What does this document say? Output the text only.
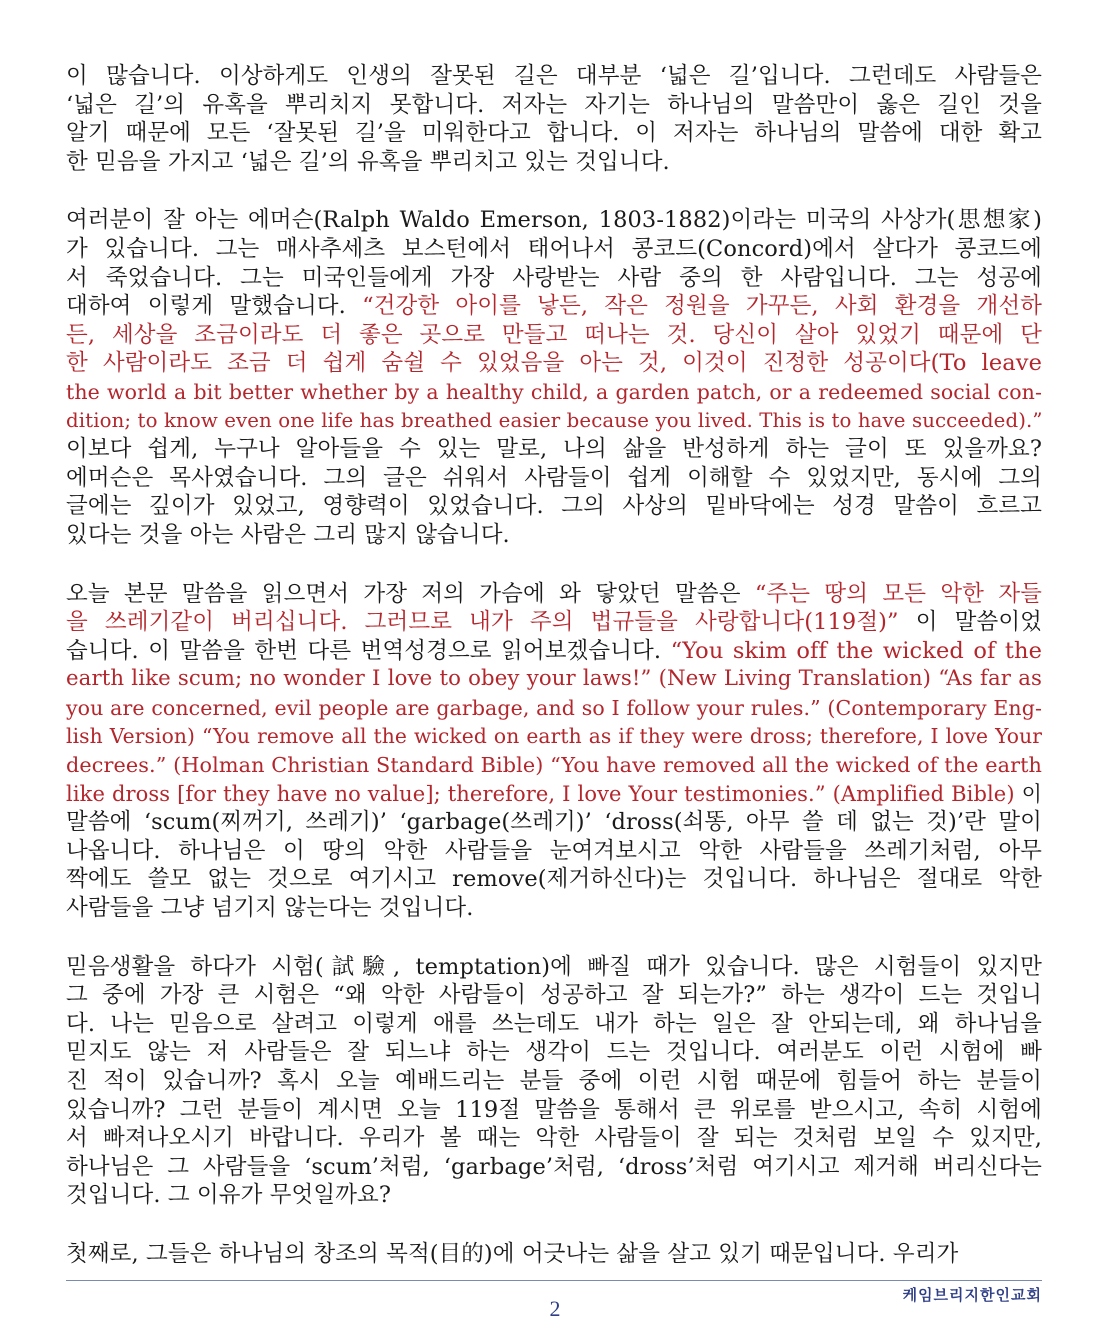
이 많습니다. 이상하게도 인생의 잘못된 길은 대부분 ‘넓은 길’입니다. 그런데도 사람들은
‘넓은 길’의 유혹을 뿌리치지 못합니다. 저자는 자기는 하나님의 말씀만이 옳은 길인 것을
알기 때문에 모든 ‘잘못된 길’을 미워한다고 합니다. 이 저자는 하나님의 말씀에 대한 확고
한 믿음을 가지고 ‘넓은 길’의 유혹을 뿌리치고 있는 것입니다.
여러분이 잘 아는 에머슨(Ralph Waldo Emerson, 1803-1882)이라는 미국의 사상가(思想家)
가 있습니다. 그는 매사추세츠 보스턴에서 태어나서 콩코드(Concord)에서 살다가 콩코드에
서 죽었습니다. 그는 미국인들에게 가장 사랑받는 사람 중의 한 사람입니다. 그는 성공에
대하여 이렇게 말했습니다. “건강한 아이를 낳든, 작은 정원을 가꾸든, 사회 환경을 개선하
든, 세상을 조금이라도 더 좋은 곳으로 만들고 떠나는 것. 당신이 살아 있었기 때문에 단
한 사람이라도 조금 더 쉽게 숨쉴 수 있었음을 아는 것, 이것이 진정한 성공이다(To leave
the world a bit better whether by a healthy child, a garden patch, or a redeemed social con-
dition; to know even one life has breathed easier because you lived. This is to have succeeded).”
이보다 쉽게, 누구나 알아들을 수 있는 말로, 나의 삶을 반성하게 하는 글이 또 있을까요?
에머슨은 목사였습니다. 그의 글은 쉬워서 사람들이 쉽게 이해할 수 있었지만, 동시에 그의
글에는 깊이가 있었고, 영향력이 있었습니다. 그의 사상의 밑바닥에는 성경 말씀이 흐르고
있다는 것을 아는 사람은 그리 많지 않습니다.
오늘 본문 말씀을 읽으면서 가장 저의 가슴에 와 닿았던 말씀은 “주는 땅의 모든 악한 자들
을 쓰레기같이 버리십니다. 그러므로 내가 주의 법규들을 사랑합니다(119절)” 이 말씀이었
습니다. 이 말씀을 한번 다른 번역성경으로 읽어보겠습니다. “You skim off the wicked of the
earth like scum; no wonder I love to obey your laws!” (New Living Translation) “As far as
you are concerned, evil people are garbage, and so I follow your rules.” (Contemporary Eng-
lish Version) “You remove all the wicked on earth as if they were dross; therefore, I love Your
decrees.” (Holman Christian Standard Bible) “You have removed all the wicked of the earth
like dross [for they have no value]; therefore, I love Your testimonies.” (Amplified Bible) 이
말씀에 ‘scum(찌꺼기, 쓰레기)’ ‘garbage(쓰레기)’ ‘dross(쇠똥, 아무 쓸 데 없는 것)’란 말이
나옵니다. 하나님은 이 땅의 악한 사람들을 눈여겨보시고 악한 사람들을 쓰레기처럼, 아무
짝에도 쓸모 없는 것으로 여기시고 remove(제거하신다)는 것입니다. 하나님은 절대로 악한
사람들을 그냥 넘기지 않는다는 것입니다.
믿음생활을 하다가 시험(試驗, temptation)에 빠질 때가 있습니다. 많은 시험들이 있지만
그 중에 가장 큰 시험은 “왜 악한 사람들이 성공하고 잘 되는가?” 하는 생각이 드는 것입니
다. 나는 믿음으로 살려고 이렇게 애를 쓰는데도 내가 하는 일은 잘 안되는데, 왜 하나님을
믿지도 않는 저 사람들은 잘 되느냐 하는 생각이 드는 것입니다. 여러분도 이런 시험에 빠
진 적이 있습니까? 혹시 오늘 예배드리는 분들 중에 이런 시험 때문에 힘들어 하는 분들이
있습니까? 그런 분들이 계시면 오늘 119절 말씀을 통해서 큰 위로를 받으시고, 속히 시험에
서 빠져나오시기 바랍니다. 우리가 볼 때는 악한 사람들이 잘 되는 것처럼 보일 수 있지만,
하나님은 그 사람들을 ‘scum’처럼, ‘garbage’처럼, ‘dross’처럼 여기시고 제거해 버리신다는
것입니다. 그 이유가 무엇일까요?
첫째로, 그들은 하나님의 창조의 목적(目的)에 어긋나는 삶을 살고 있기 때문입니다. 우리가
2
케임브리지한인교회
